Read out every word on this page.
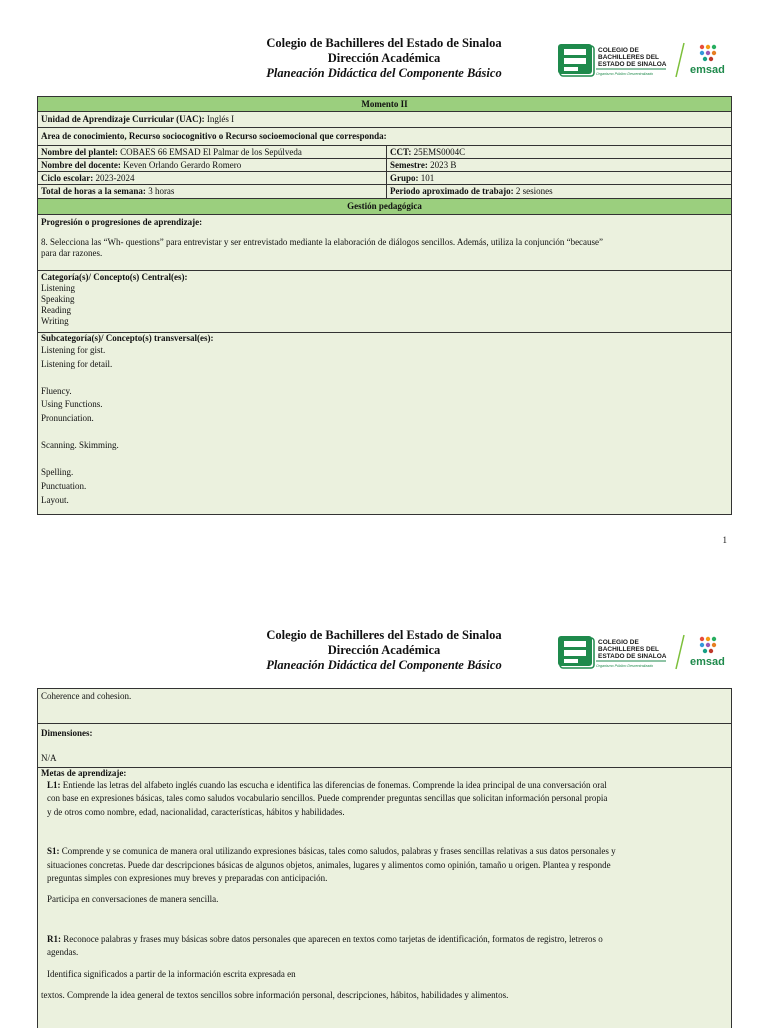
Colegio de Bachilleres del Estado de Sinaloa
Dirección Académica
Planeación Didáctica del Componente Básico
COLEGIO DE
BACHILLERES DEL
ESTADO DE SINALOA
Organismo Público Descentralizado	emsad
Momento II
Unidad de Aprendizaje Curricular (UAC): Inglés I
Area de conocimiento, Recurso sociocognitivo o Recurso socioemocional que corresponda:
Nombre del plantel: COBAES 66 EMSAD El Palmar de los Sepúlveda	CCT: 25EMS0004C
Nombre del docente: Keven Orlando Gerardo Romero	Semestre: 2023 B
Ciclo escolar: 2023-2024	Grupo: 101
Total de horas a la semana: 3 horas	Periodo aproximado de trabajo: 2 sesiones
Gestión pedagógica
Progresión o progresiones de aprendizaje:
8. Selecciona las “Wh- questions” para entrevistar y ser entrevistado mediante la elaboración de diálogos sencillos. Además, utiliza la conjunción “because”
para dar razones.
Categoría(s)/ Concepto(s) Central(es):
Listening
Speaking
Reading
Writing
Subcategoría(s)/ Concepto(s) transversal(es):
Listening for gist.
Listening for detail.

Fluency.
Using Functions.
Pronunciation.

Scanning. Skimming.

Spelling.
Punctuation.
Layout.
1
Colegio de Bachilleres del Estado de Sinaloa
Dirección Académica
Planeación Didáctica del Componente Básico
COLEGIO DE
BACHILLERES DEL
ESTADO DE SINALOA
Organismo Público Descentralizado	emsad
Coherence and cohesion.
Dimensiones:
N/A
Metas de aprendizaje:
L1: Entiende las letras del alfabeto inglés cuando las escucha e identifica las diferencias de fonemas. Comprende la idea principal de una conversación oral
con base en expresiones básicas, tales como saludos vocabulario sencillos. Puede comprender preguntas sencillas que solicitan información personal propia
y de otros como nombre, edad, nacionalidad, características, hábitos y habilidades.
S1: Comprende y se comunica de manera oral utilizando expresiones básicas, tales como saludos, palabras y frases sencillas relativas a sus datos personales y
situaciones concretas. Puede dar descripciones básicas de algunos objetos, animales, lugares y alimentos como opinión, tamaño u origen. Plantea y responde
preguntas simples con expresiones muy breves y preparadas con anticipación.
Participa en conversaciones de manera sencilla.
R1: Reconoce palabras y frases muy básicas sobre datos personales que aparecen en textos como tarjetas de identificación, formatos de registro, letreros o
agendas.
Identifica significados a partir de la información escrita expresada en
textos. Comprende la idea general de textos sencillos sobre información personal, descripciones, hábitos, habilidades y alimentos.
